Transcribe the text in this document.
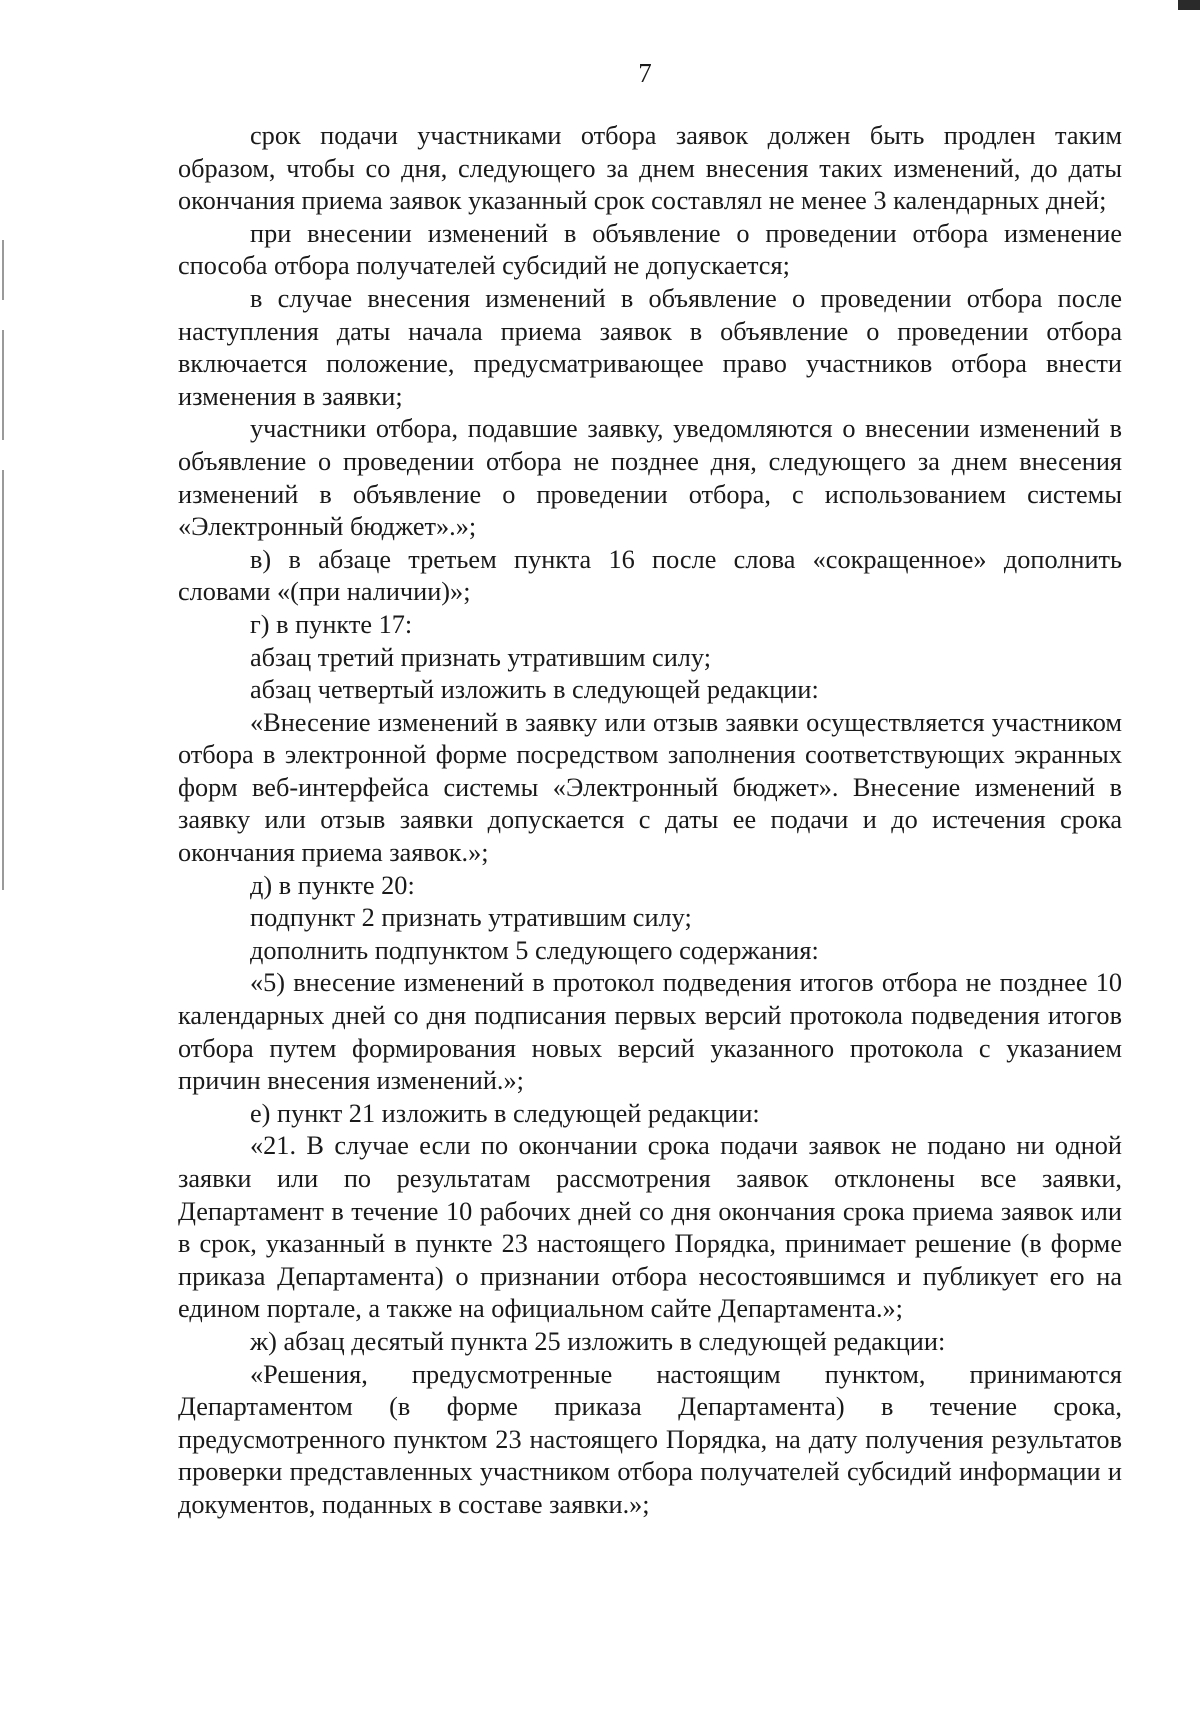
7

срок подачи участниками отбора заявок должен быть продлен таким образом, чтобы со дня, следующего за днем внесения таких изменений, до даты окончания приема заявок указанный срок составлял не менее 3 календарных дней;

при внесении изменений в объявление о проведении отбора изменение способа отбора получателей субсидий не допускается;

в случае внесения изменений в объявление о проведении отбора после наступления даты начала приема заявок в объявление о проведении отбора включается положение, предусматривающее право участников отбора внести изменения в заявки;

участники отбора, подавшие заявку, уведомляются о внесении изменений в объявление о проведении отбора не позднее дня, следующего за днем внесения изменений в объявление о проведении отбора, с использованием системы «Электронный бюджет».»;

в) в абзаце третьем пункта 16 после слова «сокращенное» дополнить словами «(при наличии)»;

г) в пункте 17:

абзац третий признать утратившим силу;

абзац четвертый изложить в следующей редакции:

«Внесение изменений в заявку или отзыв заявки осуществляется участником отбора в электронной форме посредством заполнения соответствующих экранных форм веб-интерфейса системы «Электронный бюджет». Внесение изменений в заявку или отзыв заявки допускается с даты ее подачи и до истечения срока окончания приема заявок.»;

д) в пункте 20:

подпункт 2 признать утратившим силу;

дополнить подпунктом 5 следующего содержания:

«5) внесение изменений в протокол подведения итогов отбора не позднее 10 календарных дней со дня подписания первых версий протокола подведения итогов отбора путем формирования новых версий указанного протокола с указанием причин внесения изменений.»;

е) пункт 21 изложить в следующей редакции:

«21. В случае если по окончании срока подачи заявок не подано ни одной заявки или по результатам рассмотрения заявок отклонены все заявки, Департамент в течение 10 рабочих дней со дня окончания срока приема заявок или в срок, указанный в пункте 23 настоящего Порядка, принимает решение (в форме приказа Департамента) о признании отбора несостоявшимся и публикует его на едином портале, а также на официальном сайте Департамента.»;

ж) абзац десятый пункта 25 изложить в следующей редакции:

«Решения, предусмотренные настоящим пунктом, принимаются Департаментом (в форме приказа Департамента) в течение срока, предусмотренного пунктом 23 настоящего Порядка, на дату получения результатов проверки представленных участником отбора получателей субсидий информации и документов, поданных в составе заявки.»;
